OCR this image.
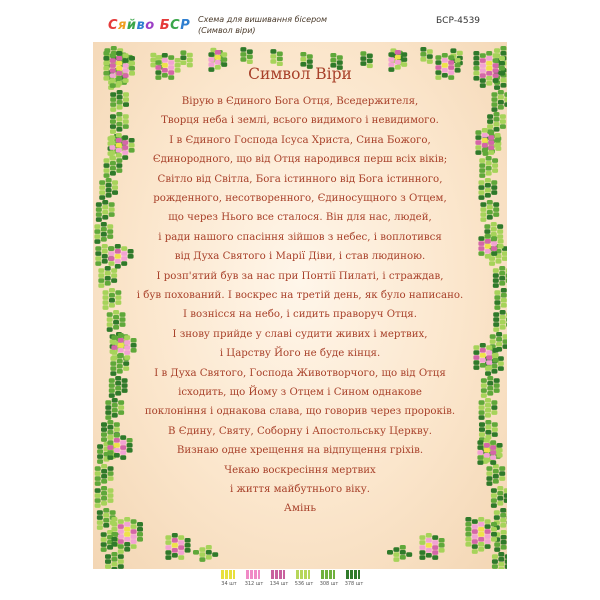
Сяйво БСР Схема для вишивання бісером
(Символ віри)
БСР-4539
Символ Віри
Вірую в Єдиного Бога Отця, Вседержителя,
Творця неба і землі, всього видимого і невидимого.
І в Єдиного Господа Ісуса Христа, Сина Божого,
Єдинородного, що від Отця народився перш всіх віків;
Світло від Світла, Бога істинного від Бога істинного,
рожденного, несотворенного, Єдиносущного з Отцем,
що через Нього все сталося. Він для нас, людей,
і ради нашого спасіння зійшов з небес, і воплотився
від Духа Святого і Марії Діви, і став людиною.
І розп'ятий був за нас при Понтії Пилаті, і страждав,
і був похований. І воскрес на третій день, як було написано.
І вознісся на небо, і сидить праворуч Отця.
І знову прийде у славі судити живих і мертвих,
і Царству Його не буде кінця.
І в Духа Святого, Господа Животворчого, що від Отця
ісходить, що Йому з Отцем і Сином однакове
поклоніння і однакова слава, що говорив через пророків.
В Єдину, Святу, Соборну і Апостольську Церкву.
Визнаю одне хрещення на відпущення гріхів.
Чекаю воскресіння мертвих
і життя майбутнього віку.
Амінь
34 шт	312 шт	134 шт	536 шт	308 шт	378 шт
